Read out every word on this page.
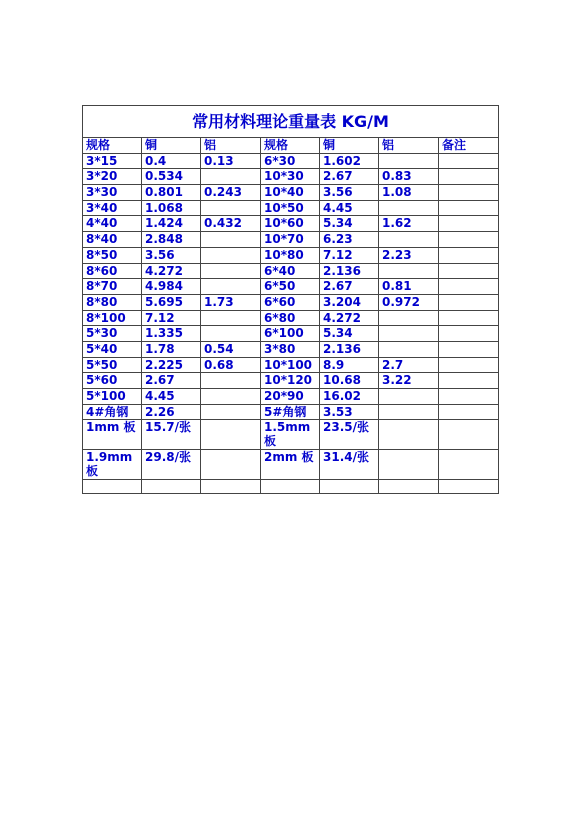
常用材料理论重量表 KG/M						
规格	铜	铝	规格	铜	铝	备注
3*15	0.4	0.13	6*30	1.602		
3*20	0.534		10*30	2.67	0.83	
3*30	0.801	0.243	10*40	3.56	1.08	
3*40	1.068		10*50	4.45		
4*40	1.424	0.432	10*60	5.34	1.62	
8*40	2.848		10*70	6.23		
8*50	3.56		10*80	7.12	2.23	
8*60	4.272		6*40	2.136		
8*70	4.984		6*50	2.67	0.81	
8*80	5.695	1.73	6*60	3.204	0.972	
8*100	7.12		6*80	4.272		
5*30	1.335		6*100	5.34		
5*40	1.78	0.54	3*80	2.136		
5*50	2.225	0.68	10*100	8.9	2.7	
5*60	2.67		10*120	10.68	3.22	
5*100	4.45		20*90	16.02		
4#角钢	2.26		5#角钢	3.53		
1mm 板	15.7/张		1.5mm 板	23.5/张		
1.9mm 板	29.8/张		2mm 板	31.4/张		
